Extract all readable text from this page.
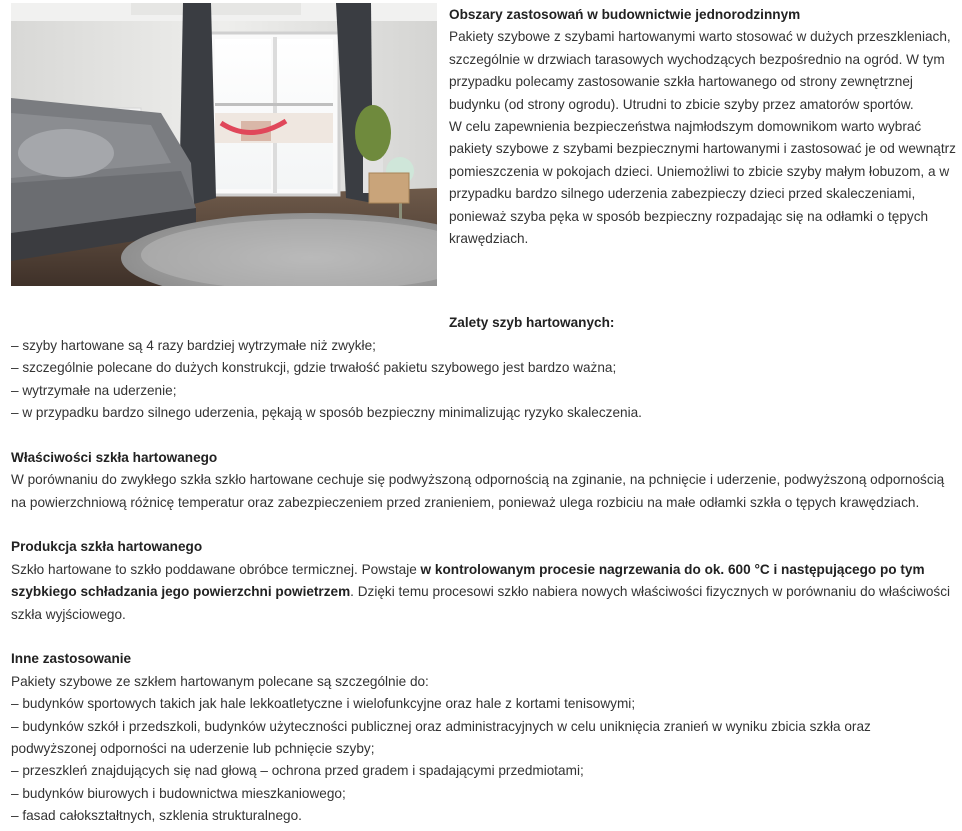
Obszary zastosowań w budownictwie jednorodzinnym

Pakiety szybowe z szybami hartowanymi warto stosować w dużych przeszkleniach, szczególnie w drzwiach tarasowych wychodzących bezpośrednio na ogród. W tym przypadku polecamy zastosowanie szkła hartowanego od strony zewnętrznej budynku (od strony ogrodu). Utrudni to zbicie szyby przez amatorów sportów.

W celu zapewnienia bezpieczeństwa najmłodszym domownikom warto wybrać pakiety szybowe z szybami bezpiecznymi hartowanymi i zastosować je od wewnątrz pomieszczenia w pokojach dzieci. Uniemożliwi to zbicie szyby małym łobuzom, a w przypadku bardzo silnego uderzenia zabezpieczy dzieci przed skaleczeniami, ponieważ szyba pęka w sposób bezpieczny rozpadając się na odłamki o tępych krawędziach.

Zalety szyb hartowanych:

– szyby hartowane są 4 razy bardziej wytrzymałe niż zwykłe;

– szczególnie polecane do dużych konstrukcji, gdzie trwałość pakietu szybowego jest bardzo ważna;

– wytrzymałe na uderzenie;

– w przypadku bardzo silnego uderzenia, pękają w sposób bezpieczny minimalizując ryzyko skaleczenia.

Właściwości szkła hartowanego

W porównaniu do zwykłego szkła szkło hartowane cechuje się podwyższoną odpornością na zginanie, na pchnięcie i uderzenie, podwyższoną odpornością na powierzchniową różnicę temperatur oraz zabezpieczeniem przed zranieniem, ponieważ ulega rozbiciu na małe odłamki szkła o tępych krawędziach.

Produkcja szkła hartowanego

Szkło hartowane to szkło poddawane obróbce termicznej. Powstaje w kontrolowanym procesie nagrzewania do ok. 600 °C i następującego po tym szybkiego schładzania jego powierzchni powietrzem. Dzięki temu procesowi szkło nabiera nowych właściwości fizycznych w porównaniu do właściwości szkła wyjściowego.

Inne zastosowanie

Pakiety szybowe ze szkłem hartowanym polecane są szczególnie do:

– budynków sportowych takich jak hale lekkoatletyczne i wielofunkcyjne oraz hale z kortami tenisowymi;

– budynków szkół i przedszkoli, budynków użyteczności publicznej oraz administracyjnych w celu uniknięcia zranień w wyniku zbicia szkła oraz podwyższonej odporności na uderzenie lub pchnięcie szyby;

– przeszkleń znajdujących się nad głową – ochrona przed gradem i spadającymi przedmiotami;

– budynków biurowych i budownictwa mieszkaniowego;

– fasad całokształtnych, szklenia strukturalnego.
